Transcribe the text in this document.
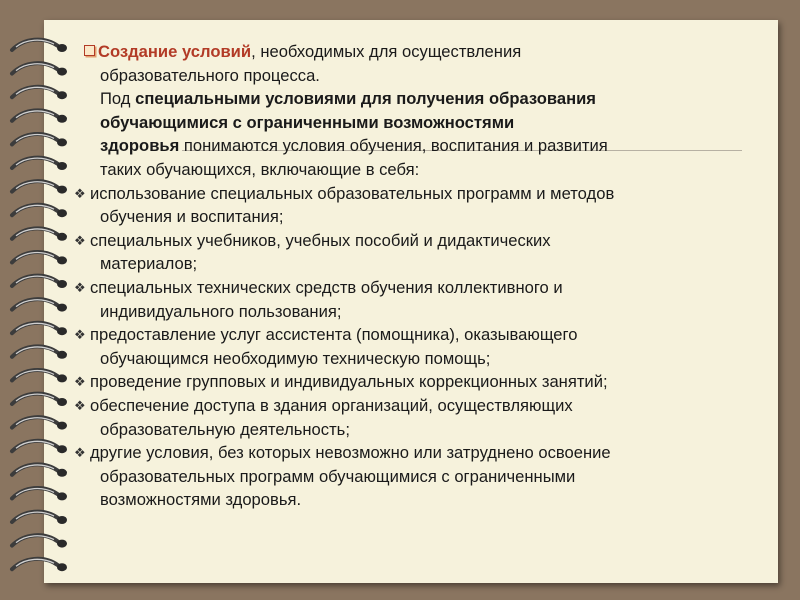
Создание условий, необходимых для осуществления
образовательного процесса.
Под специальными условиями для получения образования
обучающимися с ограниченными возможностями
здоровья понимаются условия обучения, воспитания и развития
таких обучающихся, включающие в себя:
❖ использование специальных образовательных программ и методов
обучения и воспитания;
❖ специальных учебников, учебных пособий и дидактических
материалов;
❖ специальных технических средств обучения коллективного и
индивидуального пользования;
❖ предоставление услуг ассистента (помощника), оказывающего
обучающимся необходимую техническую помощь;
❖ проведение групповых и индивидуальных коррекционных занятий;
❖ обеспечение доступа в здания организаций, осуществляющих
образовательную деятельность;
❖ другие условия, без которых невозможно или затруднено освоение
образовательных программ обучающимися с ограниченными
возможностями здоровья.
